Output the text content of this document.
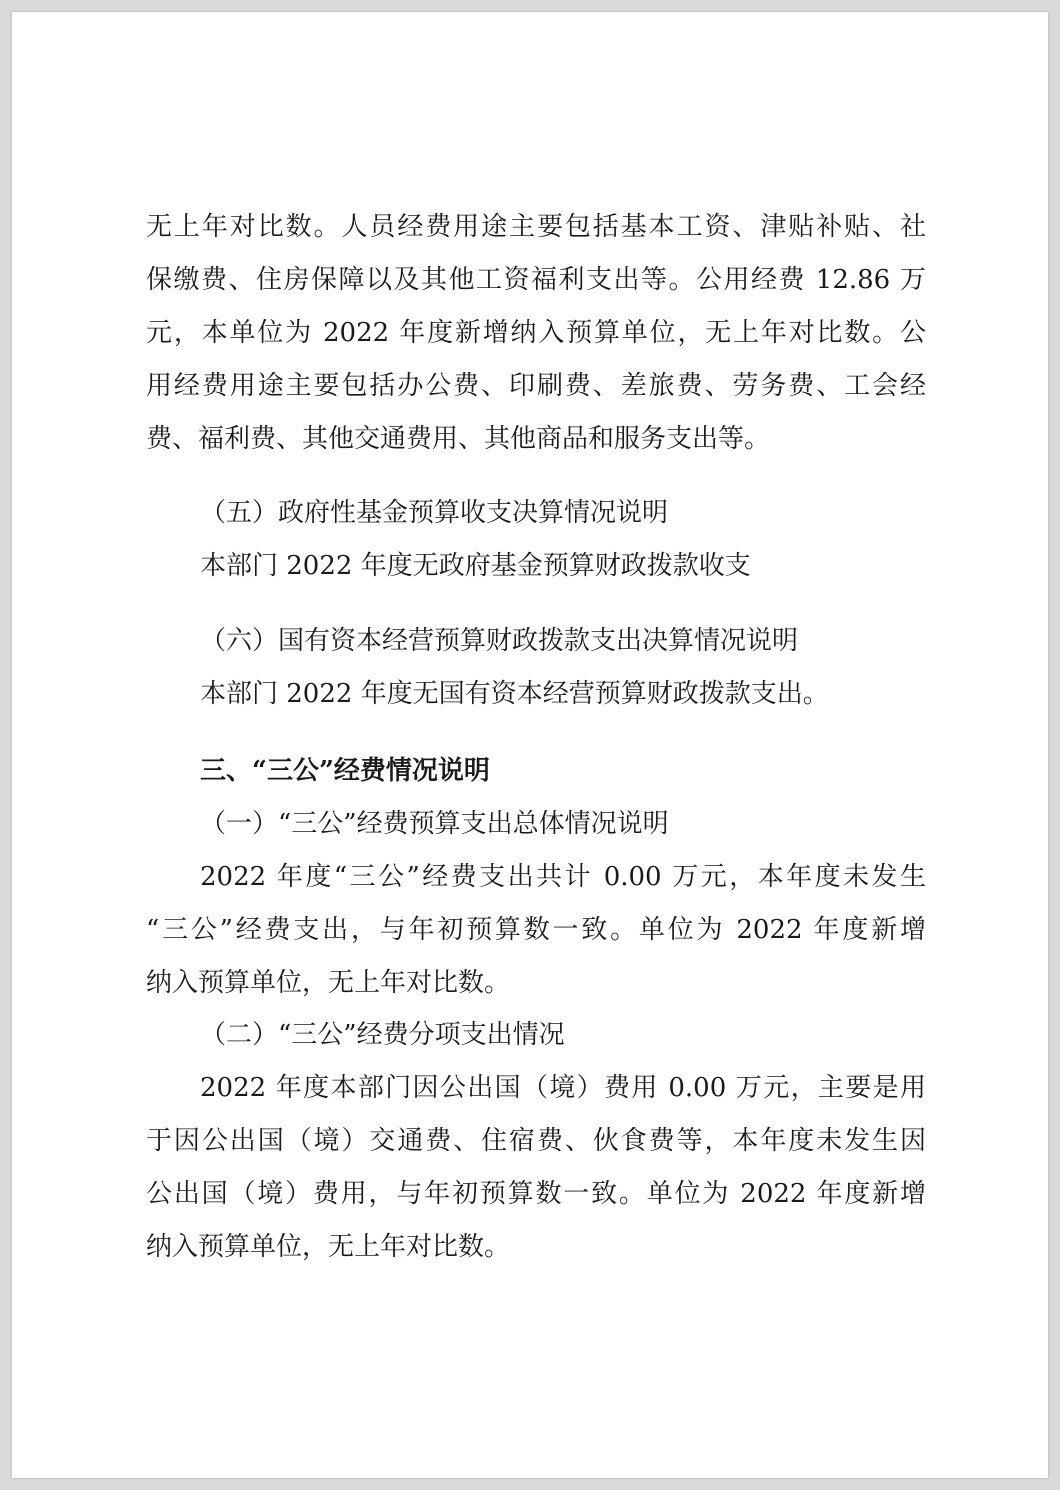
无上年对比数。人员经费用途主要包括基本工资、津贴补贴、社
保缴费、住房保障以及其他工资福利支出等。公用经费 12.86 万
元，本单位为 2022 年度新增纳入预算单位，无上年对比数。公
用经费用途主要包括办公费、印刷费、差旅费、劳务费、工会经
费、福利费、其他交通费用、其他商品和服务支出等。
（五）政府性基金预算收支决算情况说明
本部门 2022 年度无政府基金预算财政拨款收支
（六）国有资本经营预算财政拨款支出决算情况说明
本部门 2022 年度无国有资本经营预算财政拨款支出。
三、“三公”经费情况说明
（一）“三公”经费预算支出总体情况说明
2022 年度“三公”经费支出共计 0.00 万元，本年度未发生
“三公”经费支出，与年初预算数一致。单位为 2022 年度新增
纳入预算单位，无上年对比数。
（二）“三公”经费分项支出情况
2022 年度本部门因公出国（境）费用 0.00 万元，主要是用
于因公出国（境）交通费、住宿费、伙食费等，本年度未发生因
公出国（境）费用，与年初预算数一致。单位为 2022 年度新增
纳入预算单位，无上年对比数。
